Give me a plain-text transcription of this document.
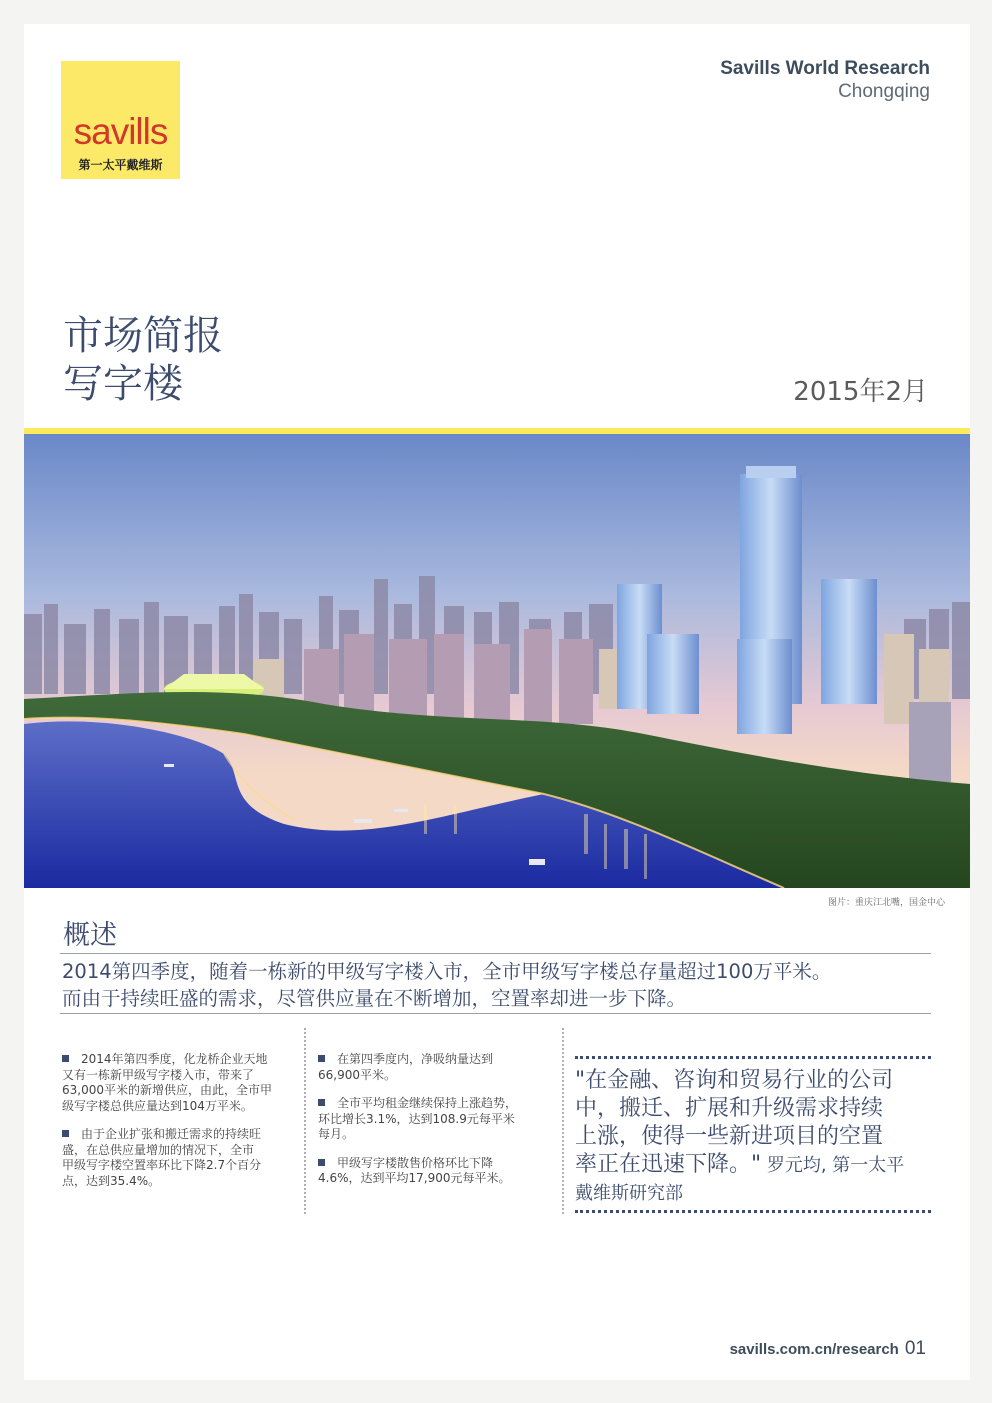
savills
第一太平戴维斯
Savills World Research
Chongqing
市场简报
写字楼	2015年2月
图片：重庆江北嘴，国金中心
概述
2014第四季度，随着一栋新的甲级写字楼入市，全市甲级写字楼总存量超过100万平米。
而由于持续旺盛的需求，尽管供应量在不断增加，空置率却进一步下降。

2014年第四季度，化龙桥企业天地
又有一栋新甲级写字楼入市，带来了
63,000平米的新增供应，由此，全市甲
级写字楼总供应量达到104万平米。

由于企业扩张和搬迁需求的持续旺
盛，在总供应量增加的情况下，全市
甲级写字楼空置率环比下降2.7个百分
点，达到35.4%。

在第四季度内，净吸纳量达到
66,900平米。

全市平均租金继续保持上涨趋势，
环比增长3.1%，达到108.9元每平米
每月。

甲级写字楼散售价格环比下降
4.6%，达到平均17,900元每平米。

"在金融、咨询和贸易行业的公司
中，搬迁、扩展和升级需求持续
上涨，使得一些新进项目的空置
率正在迅速下降。" 罗元均, 第一太平
戴维斯研究部
savills.com.cn/research 01
